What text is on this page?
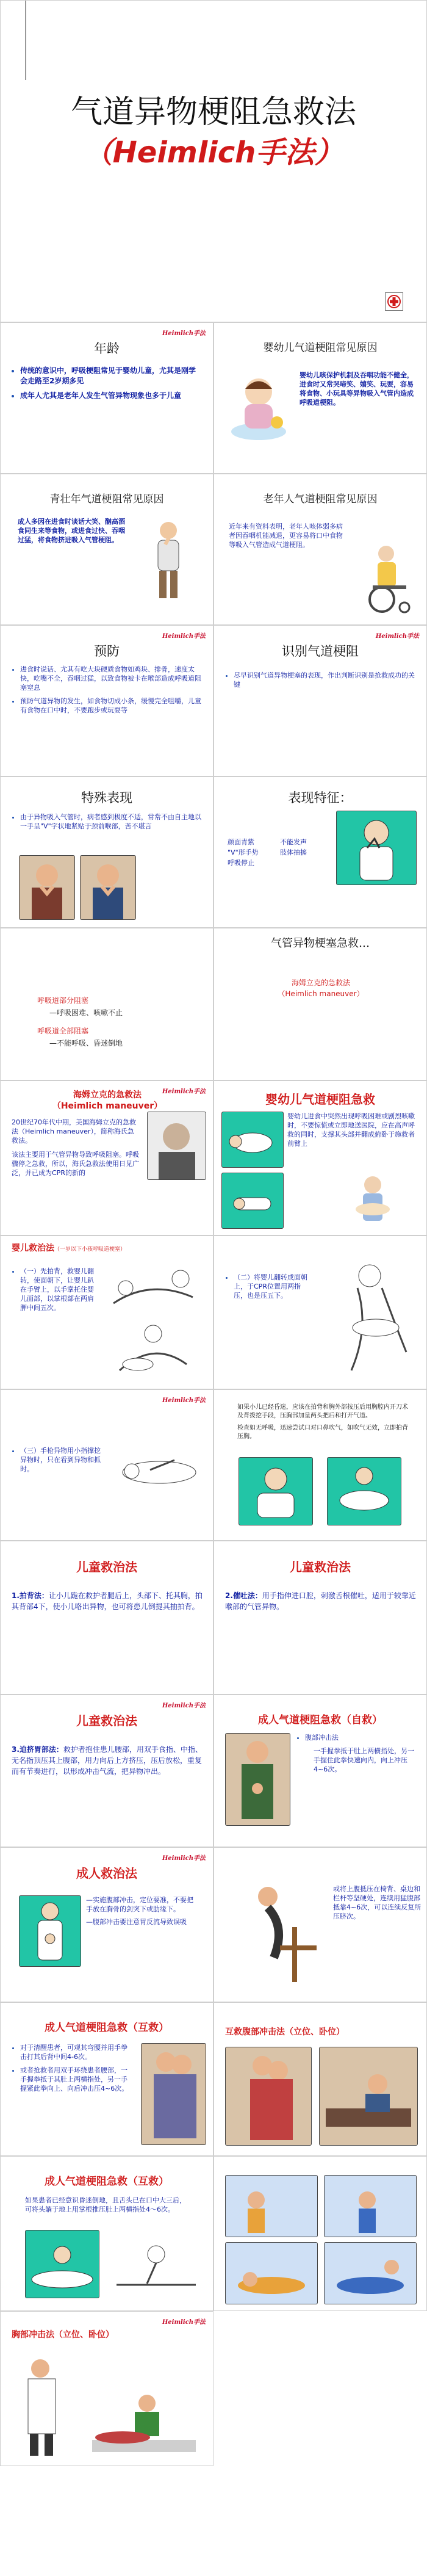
气道异物梗阻急救法
（Heimlich手法）
Heimlich手法
年龄
• 传统的意识中，呼吸梗阻常见于婴幼儿童，尤其是刚学会走路至2岁期多见
• 成年人尤其是老年人发生气管异物现象也多于儿童
婴幼儿气道梗阻常见原因
婴幼儿咳保护机制及吞咽功能不健全，进食时又常哭啼笑、嬉笑、玩耍，容易将食物、小玩具等异物吸入气管内造成呼吸道梗阻。
青壮年气道梗阻常见原因
成人多因在进食时谈话大笑、酗高酒食同生来等食物，或进食过快、吞咽过猛，将食物挤进吸入气管梗阻。
老年人气道梗阻常见原因
近年来有资料表明，老年人咳体弱多病者因吞咽机能减退，更容易将口中食物等吸入气管造成气道梗阻。
Heimlich手法
预防
• 进食时说话、尤其有吃大块硬质食物如鸡块、排骨，速度太快，吃嘴不全，吞咽过猛，以致食物被卡在喉部造成呼吸道阻塞窒息
• 预防气道异物的发生，如食物切成小条，缓慢完全咀嚼，儿童有食物在口中时，不要跑步或玩耍等
Heimlich手法
识别气道梗阻
• 尽早识别气道异物梗塞的表现，作出判断识别是抢救成功的关键
特殊表现
• 由于异物吸入气管时，病者感到极度不适，常常不由自主地以一手呈"V"字状地紧贴于颈前喉部，苦不堪言
表现特征：
颜面青紫
"V"形手势
呼吸停止
不能发声
肢体抽搐
呼吸道部分阻塞
—呼吸困难、咳嗽不止
呼吸道全部阻塞
—不能呼吸、昏迷倒地
气管异物梗塞急救…
海姆立克的急救法
（Heimlich maneuver）
Heimlich手法
海姆立克的急救法
（Heimlich maneuver）
20世纪70年代中期，美国海姆立克的急救法（Heimlich maneuver），简称海氏急救法。
该法主要用于气管异物导致呼吸阻塞。呼吸骤停之急救，所以，海氏急救法使用日见广泛，并已成为CPR的新的
婴幼儿气道梗阻急救
婴幼儿进食中突然出现呼吸困难或剧烈咳嗽时，不要惊慌或立即地送医院，应在高声呼救的同时，支撑其头部并翻成俯卧于施救者前臂上
婴儿救治法（一岁以下小孩呼吸道梗塞）
• （一）先拍背，救婴儿翻转，使面朝下，让婴儿趴在手臂上，以手掌托住婴儿面部，以掌根部在两肩胛中间五次。
• （二）将婴儿翻转成面朝上，于CPR位置用两指压，也是压五下。
Heimlich手法
• （三）手枪异物用小指撑挖异物时，只在看到异物和抓时。
如果小儿已经昏迷，应该在拍背和胸外部按压后用胸腔内开刀术及背拨挖手段，压胸部加量两头把后和打开气道。
检查如无呼吸，迅速尝试口对口鼻吹气，如吹气无效，立即拍背压胸。
儿童救治法
1.拍背法：让小儿跪在救护者腿后上，头部下、托其胸，拍其背部4下，使小儿咯出异物，也可将患儿倒提其抽拍背。
儿童救治法
2.催吐法：用手指伸进口腔，刺激舌根催吐，适用于较靠近喉部的气管异物。
Heimlich手法
儿童救治法
3.迫挤胃部法：救护者抱住患儿腰部，用双手食指、中指、无名指顶压其上腹部，用力向后上方挤压，压后放松，重复而有节奏进行，以形成冲击气流，把异物冲出。
成人气道梗阻急救（自救）
• 腹部冲击法
一手握拳抵于肚上两横指处，另一手握住此拳快速向内，向上冲压4~6次。
Heimlich手法
成人救治法
—实施腹部冲击，定位要准，不要把手放在胸骨的剑突下或肋缘下。
—腹部冲击要注意胃反流导致误吸
或将上腹抵压在椅背、桌边和栏杆等坚硬处，连续用猛腹部抵靠4~6次，可以连续反复所压脐次。
成人气道梗阻急救（互救）
• 对于清醒患者，可观其弯腰并用手拳击打其后背中间4-6次。
• 或者抢救者用双手环绕患者腰部，一手握拳抵于其肚上两横指处，另一手握紧此拳向上、向后冲击压4~6次。
互救腹部冲击法（立位、卧位）
成人气道梗阻急救（互救）
如果患者已经意识昏迷倒地，且舌头已在口中大三后，可将头躺于地上用掌根推压肚上两横指处4～6次。
Heimlich手法
胸部冲击法（立位、卧位）
